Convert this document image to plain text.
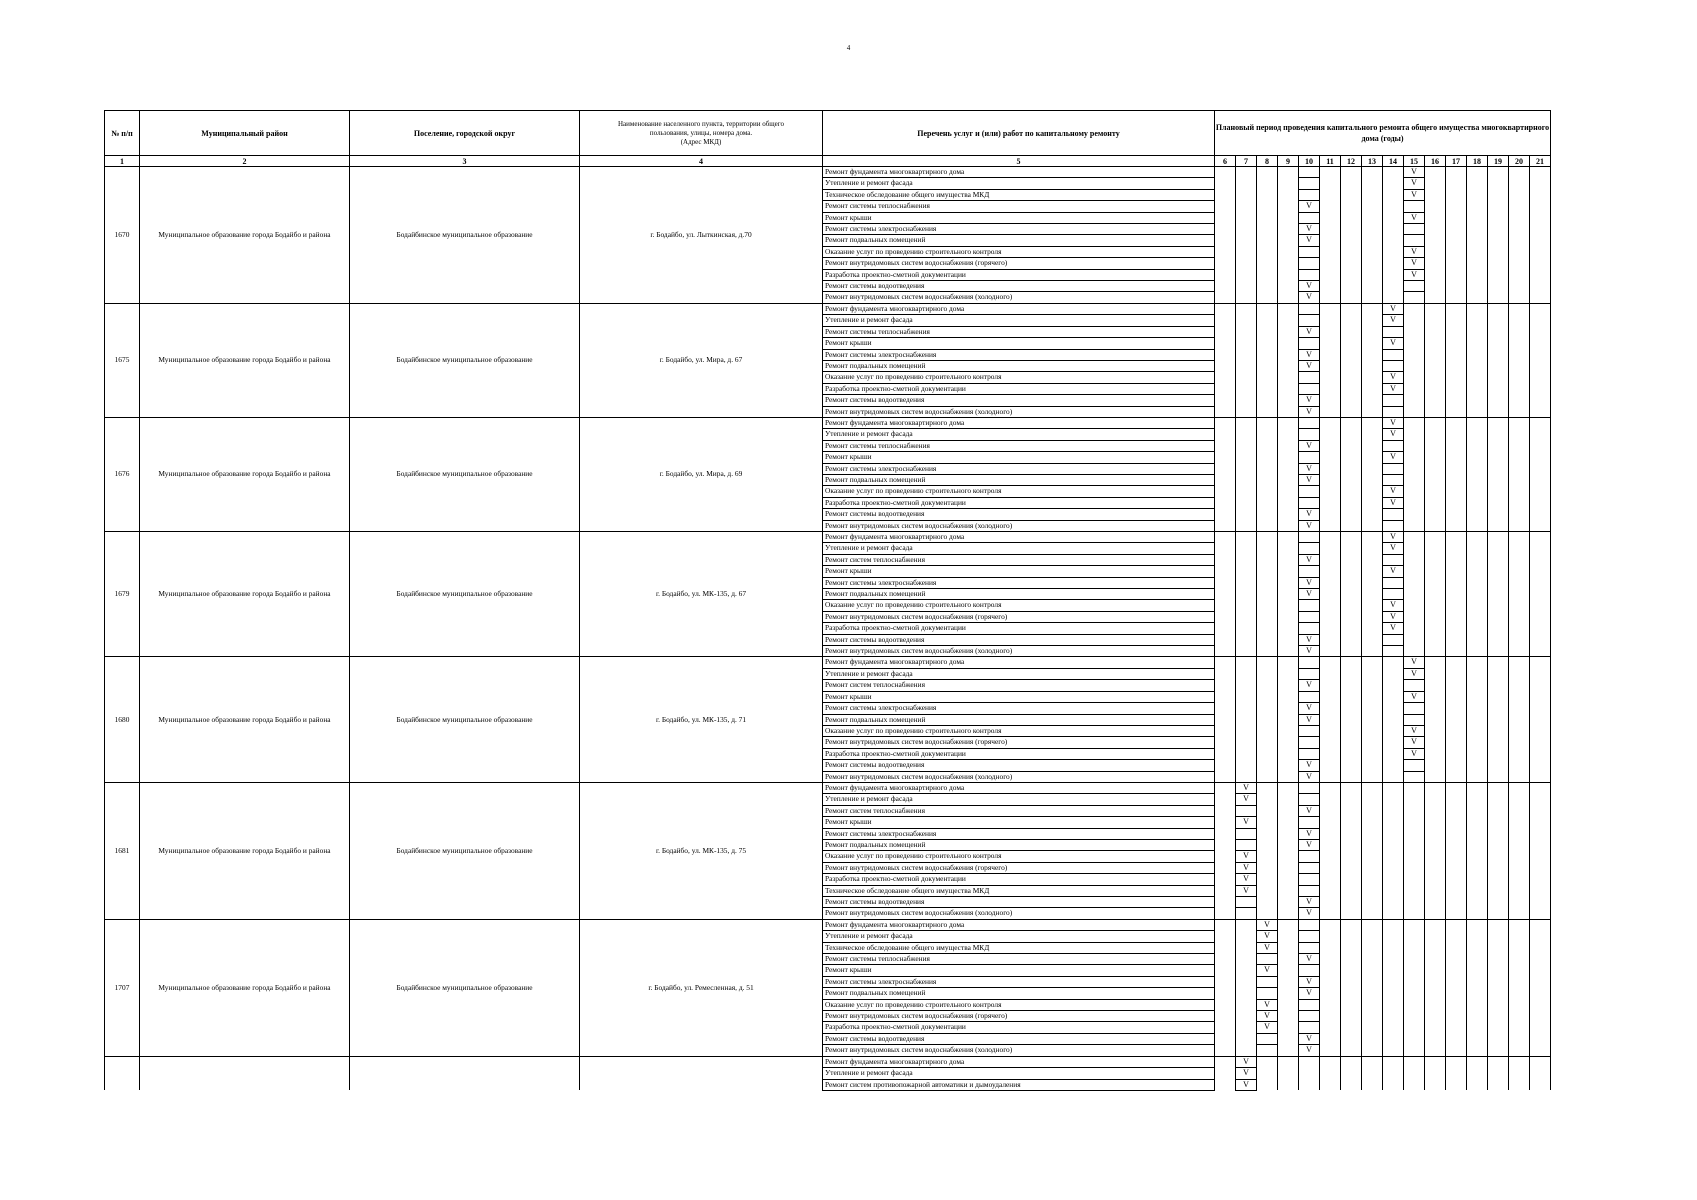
4
№ п/п	Муниципальный район	Поселение, городской округ	Наименование населенного пункта, территории общего
пользования, улицы, номера дома.
(Адрес МКД)	Перечень услуг и (или) работ по капитальному ремонту	Плановый период проведения капитального ремонта общего имущества многоквартирного дома (годы)															
1	2	3	4	5	6	7	8	9	10	11	12	13	14	15	16	17	18	19	20	21
1670	Муниципальное образование города Бодайбо и района	Бодайбинское муниципальное образование	г. Бодайбо, ул. Лыткинская, д.70	Ремонт фундамента многоквартирного дома										V						
				Утепление и ремонт фасада										V						
				Техническое обследование общего имущества МКД										V						
				Ремонт системы теплоснабжения					V											
				Ремонт крыши										V						
				Ремонт системы электроснабжения					V											
				Ремонт подвальных помещений					V											
				Оказание услуг по проведению строительного контроля										V						
				Ремонт внутридомовых систем водоснабжения (горячего)										V						
				Разработка проектно-сметной документации										V						
				Ремонт системы водоотведения					V											
				Ремонт внутридомовых систем водоснабжения (холодного)					V											
1675	Муниципальное образование города Бодайбо и района	Бодайбинское муниципальное образование	г. Бодайбо, ул. Мира, д. 67	Ремонт фундамента многоквартирного дома									V							
				Утепление и ремонт фасада									V							
				Ремонт системы теплоснабжения					V											
				Ремонт крыши									V							
				Ремонт системы электроснабжения					V											
				Ремонт подвальных помещений					V											
				Оказание услуг по проведению строительного контроля									V							
				Разработка проектно-сметной документации									V							
				Ремонт системы водоотведения					V											
				Ремонт внутридомовых систем водоснабжения (холодного)					V											
1676	Муниципальное образование города Бодайбо и района	Бодайбинское муниципальное образование	г. Бодайбо, ул. Мира, д. 69	Ремонт фундамента многоквартирного дома									V							
				Утепление и ремонт фасада									V							
				Ремонт системы теплоснабжения					V											
				Ремонт крыши									V							
				Ремонт системы электроснабжения					V											
				Ремонт подвальных помещений					V											
				Оказание услуг по проведению строительного контроля									V							
				Разработка проектно-сметной документации									V							
				Ремонт системы водоотведения					V											
				Ремонт внутридомовых систем водоснабжения (холодного)					V											
1679	Муниципальное образование города Бодайбо и района	Бодайбинское муниципальное образование	г. Бодайбо, ул. МК-135, д. 67	Ремонт фундамента многоквартирного дома									V							
				Утепление и ремонт фасада									V							
				Ремонт систем теплоснабжения					V											
				Ремонт крыши									V							
				Ремонт системы электроснабжения					V											
				Ремонт подвальных помещений					V											
				Оказание услуг по проведению строительного контроля									V							
				Ремонт внутридомовых систем водоснабжения (горячего)									V							
				Разработка проектно-сметной документации									V							
				Ремонт системы водоотведения					V											
				Ремонт внутридомовых систем водоснабжения (холодного)					V											
1680	Муниципальное образование города Бодайбо и района	Бодайбинское муниципальное образование	г. Бодайбо, ул. МК-135, д. 71	Ремонт фундамента многоквартирного дома										V						
				Утепление и ремонт фасада										V						
				Ремонт систем теплоснабжения					V											
				Ремонт крыши										V						
				Ремонт системы электроснабжения					V											
				Ремонт подвальных помещений					V											
				Оказание услуг по проведению строительного контроля										V						
				Ремонт внутридомовых систем водоснабжения (горячего)										V						
				Разработка проектно-сметной документации										V						
				Ремонт системы водоотведения					V											
				Ремонт внутридомовых систем водоснабжения (холодного)					V											
1681	Муниципальное образование города Бодайбо и района	Бодайбинское муниципальное образование	г. Бодайбо, ул. МК-135, д. 75	Ремонт фундамента многоквартирного дома		V														
				Утепление и ремонт фасада		V														
				Ремонт систем теплоснабжения					V											
				Ремонт крыши		V														
				Ремонт системы электроснабжения					V											
				Ремонт подвальных помещений					V											
				Оказание услуг по проведению строительного контроля		V														
				Ремонт внутридомовых систем водоснабжения (горячего)		V														
				Разработка проектно-сметной документации		V														
				Техническое обследование общего имущества МКД		V														
				Ремонт системы водоотведения					V											
				Ремонт внутридомовых систем водоснабжения (холодного)					V											
1707	Муниципальное образование города Бодайбо и района	Бодайбинское муниципальное образование	г. Бодайбо, ул. Ремесленная, д. 51	Ремонт фундамента многоквартирного дома			V													
				Утепление и ремонт фасада			V													
				Техническое обследование общего имущества МКД			V													
				Ремонт системы теплоснабжения					V											
				Ремонт крыши			V													
				Ремонт системы электроснабжения					V											
				Ремонт подвальных помещений					V											
				Оказание услуг по проведению строительного контроля			V													
				Ремонт внутридомовых систем водоснабжения (горячего)			V													
				Разработка проектно-сметной документации			V													
				Ремонт системы водоотведения					V											
				Ремонт внутридомовых систем водоснабжения (холодного)					V											
				Ремонт фундамента многоквартирного дома		V														
				Утепление и ремонт фасада		V														
				Ремонт систем противопожарной автоматики и дымоудаления		V														
